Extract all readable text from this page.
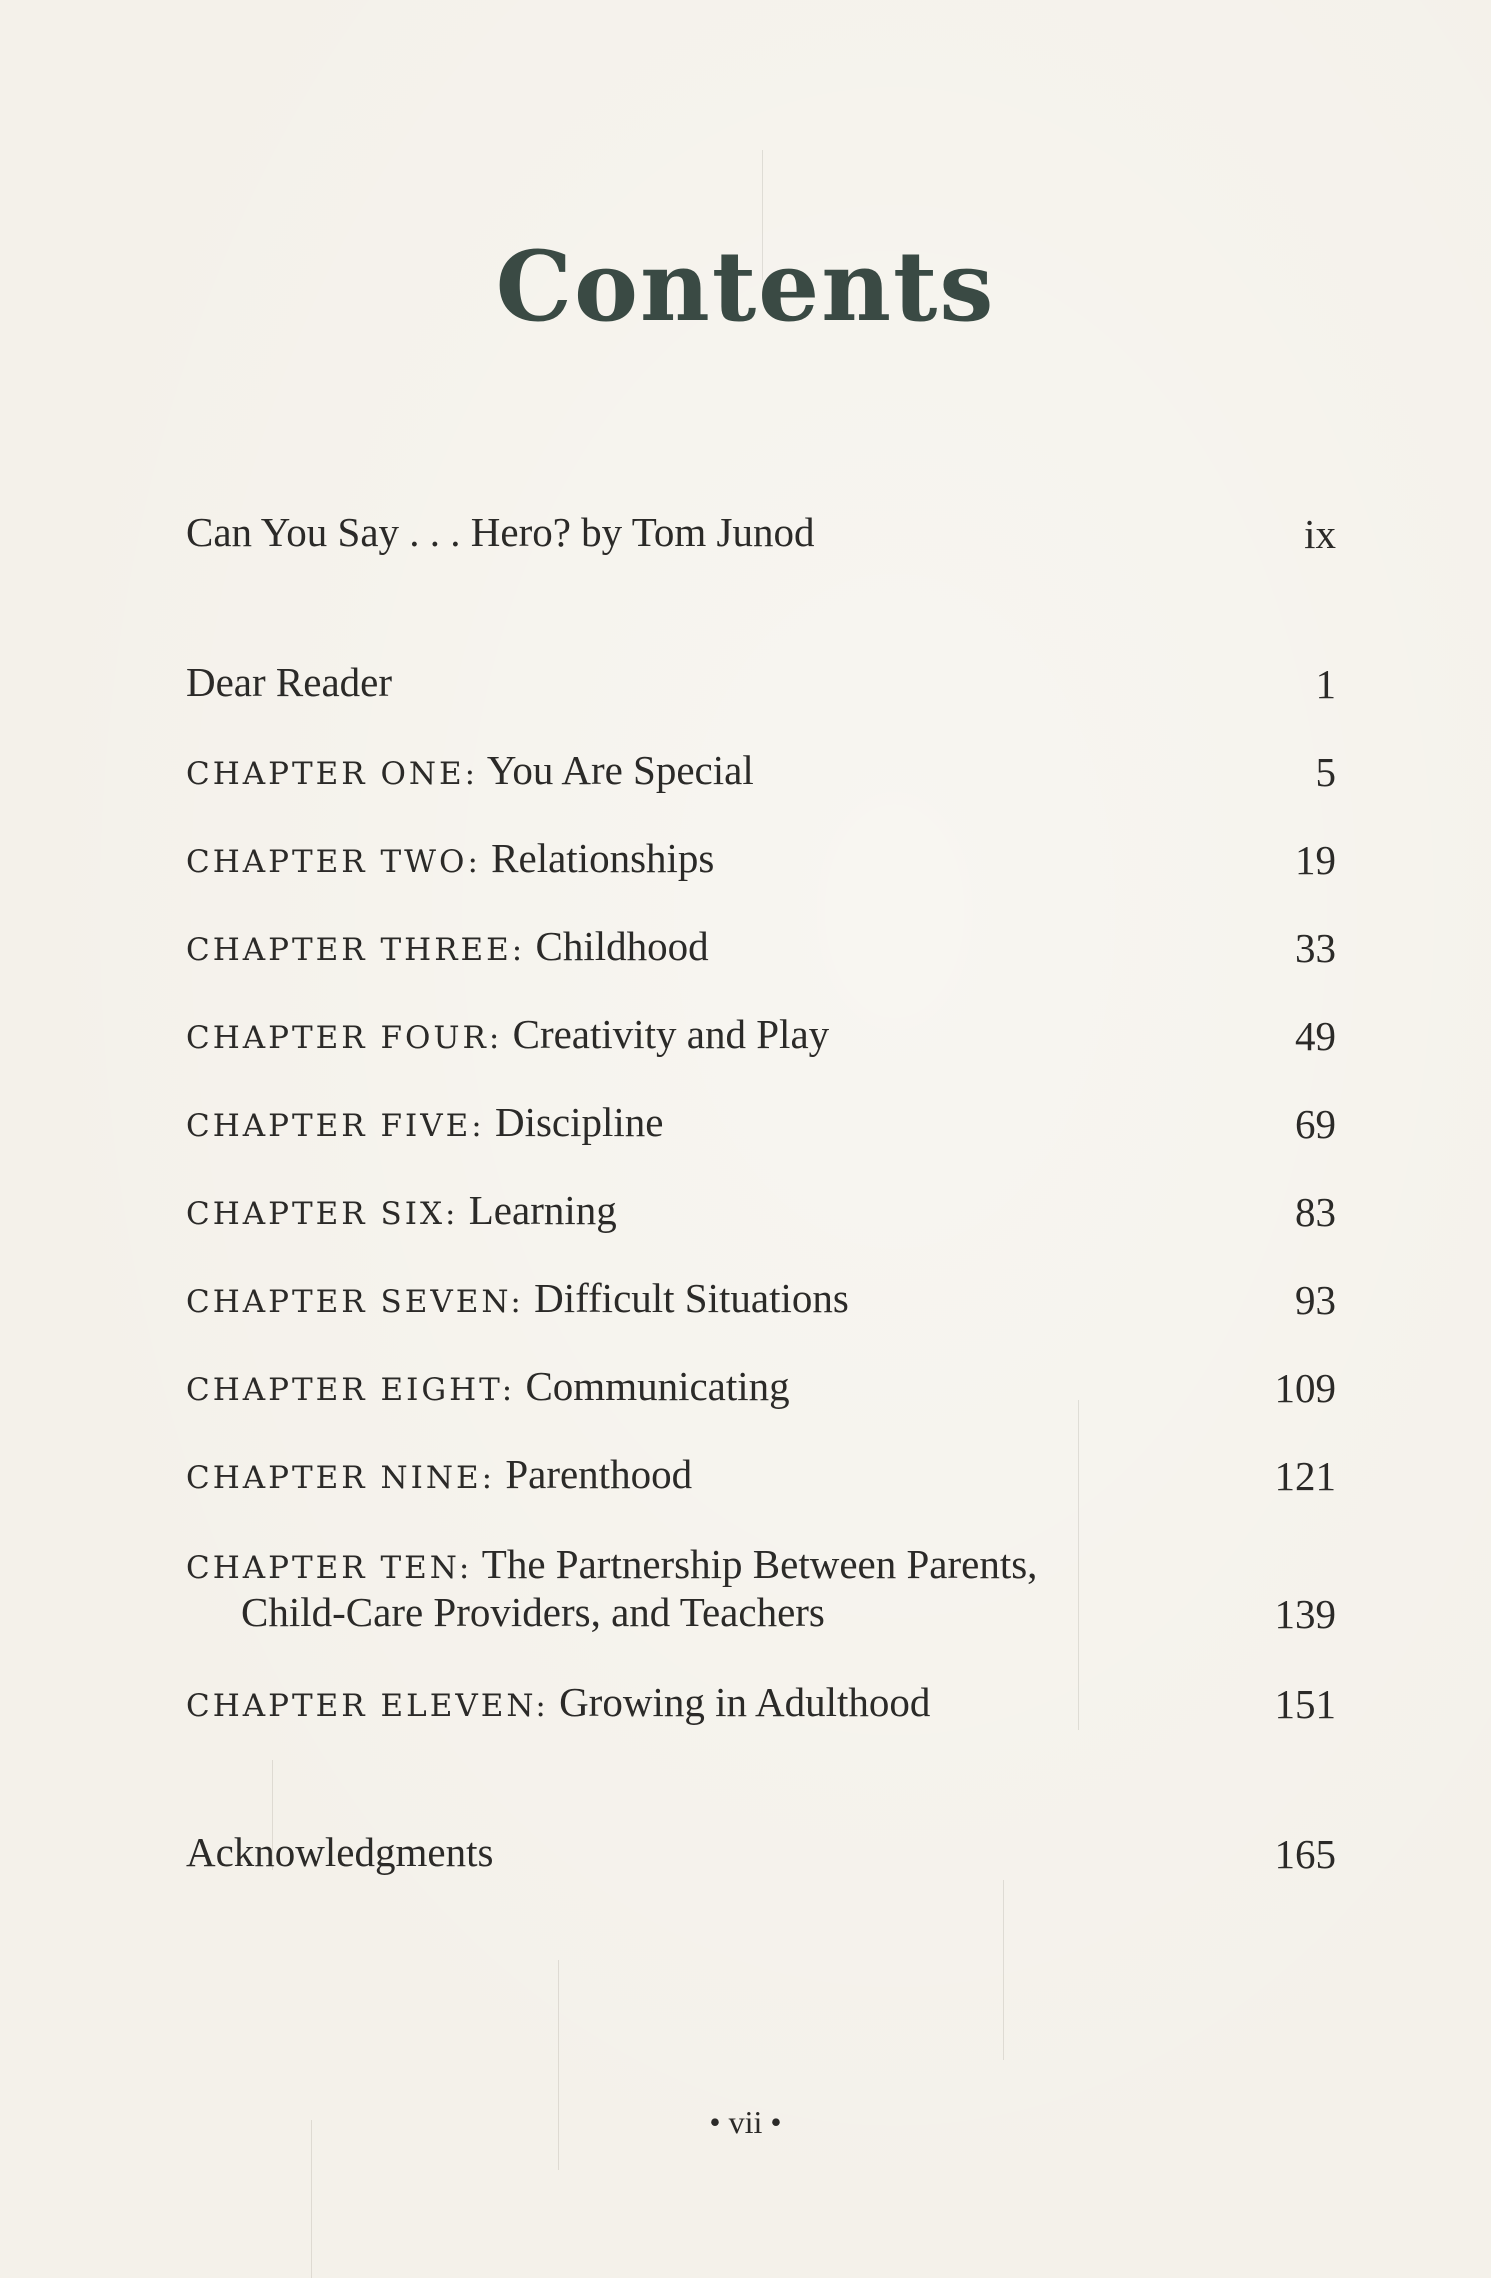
Contents
Can You Say . . . Hero? by Tom Junod	ix
Dear Reader	1
CHAPTER ONE: You Are Special	5
CHAPTER TWO: Relationships	19
CHAPTER THREE: Childhood	33
CHAPTER FOUR: Creativity and Play	49
CHAPTER FIVE: Discipline	69
CHAPTER SIX: Learning	83
CHAPTER SEVEN: Difficult Situations	93
CHAPTER EIGHT: Communicating	109
CHAPTER NINE: Parenthood	121
CHAPTER TEN: The Partnership Between Parents,
Child-Care Providers, and Teachers	139
CHAPTER ELEVEN: Growing in Adulthood	151
Acknowledgments	165
• vii •
